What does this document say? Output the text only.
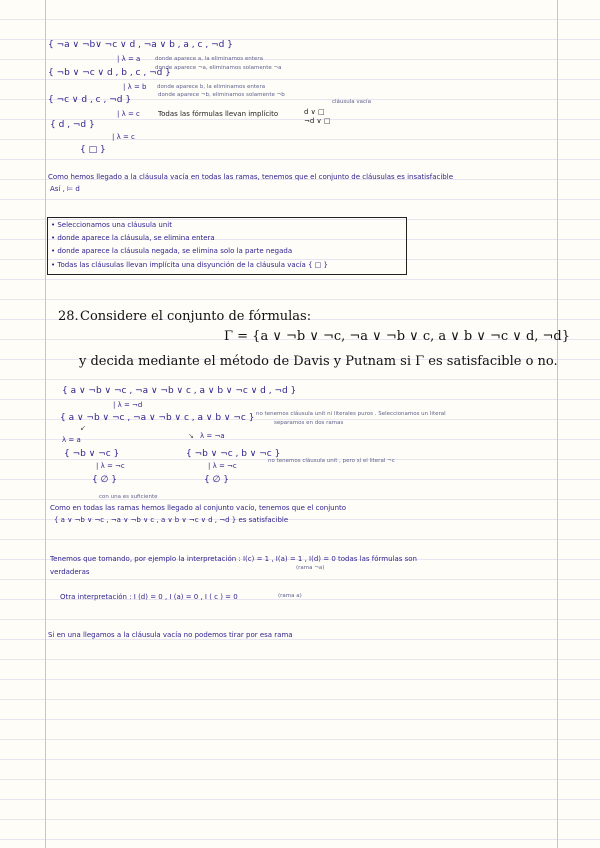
{ ¬a ∨ ¬b∨ ¬c ∨ d , ¬a ∨ b , a , c , ¬d }
| λ = a	donde aparece a, la eliminamos entera
donde aparece ¬a, eliminamos solamente ¬a
{ ¬b ∨ ¬c ∨ d , b , c , ¬d }
| λ = b donde aparece b, la eliminamos entera
donde aparece ¬b, eliminamos solamente ¬b
{ ¬c ∨ d , c , ¬d }
| λ = c	Todas las fórmulas llevan implícito	d ∨ □
¬d ∨ □
cláusula vacía
{ d , ¬d }
| λ = c
{ □ }
Como hemos llegado a la cláusula vacía en todas las ramas, tenemos que el conjunto de cláusulas es insatisfacible
Así , ⊨ d
• Seleccionamos una cláusula unit
• donde aparece la cláusula, se elimina entera
• donde aparece la cláusula negada, se elimina solo la parte negada
• Todas las cláusulas llevan implícita una disyunción de la cláusula vacía { □ }
28. Considere el conjunto de fórmulas:
Γ = {a ∨ ¬b ∨ ¬c, ¬a ∨ ¬b ∨ c, a ∨ b ∨ ¬c ∨ d, ¬d}
y decida mediante el método de Davis y Putnam si Γ es satisfacible o no.
{ a ∨ ¬b ∨ ¬c , ¬a ∨ ¬b ∨ c , a ∨ b ∨ ¬c ∨ d , ¬d }
| λ = ¬d
{ a ∨ ¬b ∨ ¬c , ¬a ∨ ¬b ∨ c , a ∨ b ∨ ¬c } no tenemos cláusula unit ni literales puros . Seleccionamos un literal
separamos en dos ramas
↙
↘
λ = a	λ = ¬a
{ ¬b ∨ ¬c }	{ ¬b ∨ ¬c , b ∨ ¬c }
no tenemos cláusula unit , pero sí el literal ¬c
| λ = ¬c	| λ = ¬c
{ ∅ }	{ ∅ }
con una es suficiente
Como en todas las ramas hemos llegado al conjunto vacío, tenemos que el conjunto
{ a ∨ ¬b ∨ ¬c , ¬a ∨ ¬b ∨ c , a ∨ b ∨ ¬c ∨ d , ¬d } es satisfacible
Tenemos que tomando, por ejemplo la interpretación : I(c) = 1 , I(a) = 1 , I(d) = 0 todas las fórmulas son
(rama ¬a)
verdaderas
Otra interpretación : I (d) = 0 , I (a) = 0 , I ( c ) = 0	(rama a)
Si en una llegamos a la cláusula vacía no podemos tirar por esa rama
